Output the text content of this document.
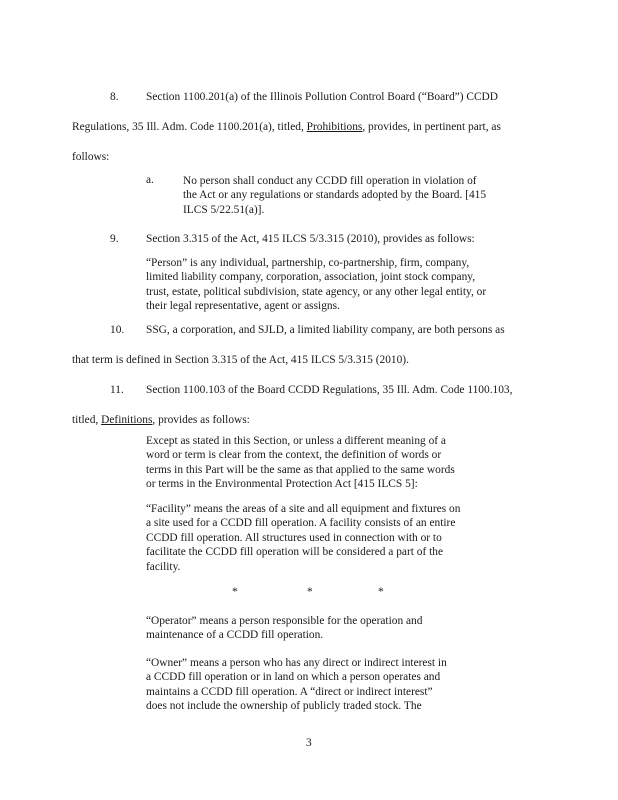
8. Section 1100.201(a) of the Illinois Pollution Control Board (“Board”) CCDD
Regulations, 35 Ill. Adm. Code 1100.201(a), titled, Prohibitions, provides, in pertinent part, as
follows:
a.	No person shall conduct any CCDD fill operation in violation of
the Act or any regulations or standards adopted by the Board. [415
ILCS 5/22.51(a)].
9. Section 3.315 of the Act, 415 ILCS 5/3.315 (2010), provides as follows:
“Person” is any individual, partnership, co-partnership, firm, company,
limited liability company, corporation, association, joint stock company,
trust, estate, political subdivision, state agency, or any other legal entity, or
their legal representative, agent or assigns.
10. SSG, a corporation, and SJLD, a limited liability company, are both persons as
that term is defined in Section 3.315 of the Act, 415 ILCS 5/3.315 (2010).
11. Section 1100.103 of the Board CCDD Regulations, 35 Ill. Adm. Code 1100.103,
titled, Definitions, provides as follows:
Except as stated in this Section, or unless a different meaning of a
word or term is clear from the context, the definition of words or
terms in this Part will be the same as that applied to the same words
or terms in the Environmental Protection Act [415 ILCS 5]:
“Facility” means the areas of a site and all equipment and fixtures on
a site used for a CCDD fill operation. A facility consists of an entire
CCDD fill operation. All structures used in connection with or to
facilitate the CCDD fill operation will be considered a part of the
facility.
*	*	*
“Operator” means a person responsible for the operation and
maintenance of a CCDD fill operation.
“Owner” means a person who has any direct or indirect interest in
a CCDD fill operation or in land on which a person operates and
maintains a CCDD fill operation. A “direct or indirect interest”
does not include the ownership of publicly traded stock. The
3
